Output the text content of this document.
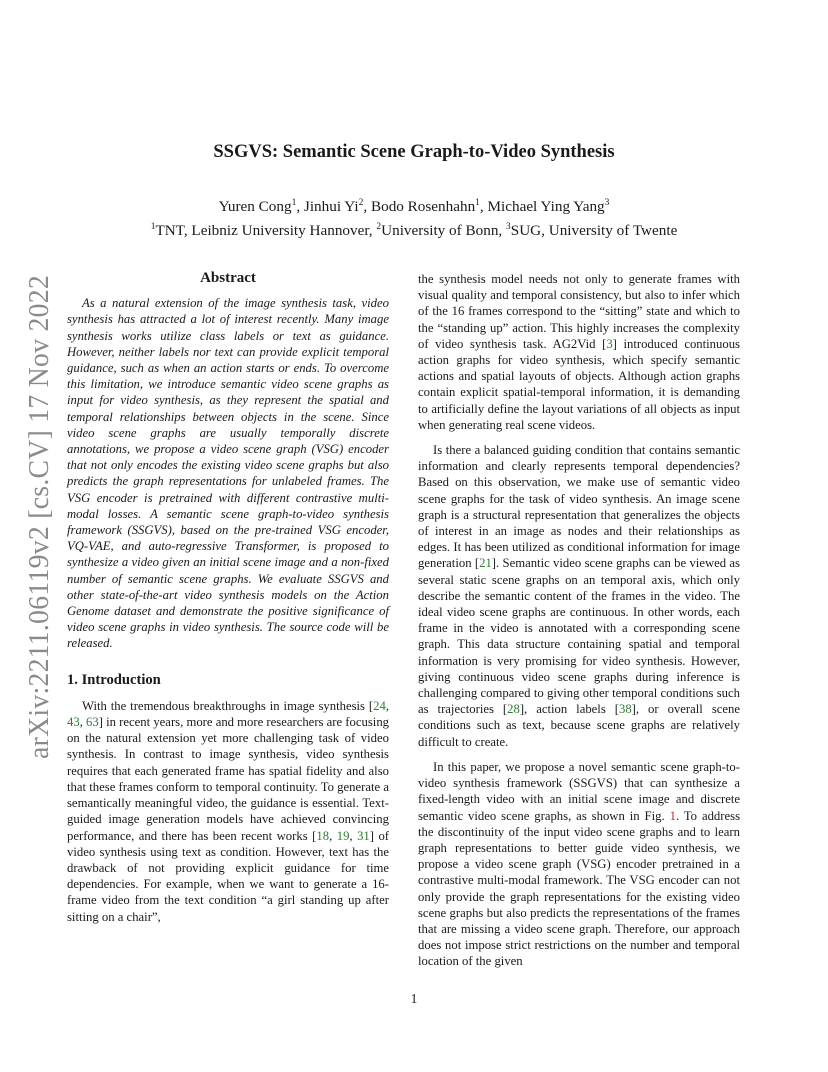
arXiv:2211.06119v2 [cs.CV] 17 Nov 2022
SSGVS: Semantic Scene Graph-to-Video Synthesis
Yuren Cong$^1$, Jinhui Yi$^2$, Bodo Rosenhahn$^1$, Michael Ying Yang$^3$
$^1$TNT, Leibniz University Hannover, $^2$University of Bonn, $^3$SUG, University of Twente
Abstract

As a natural extension of the image synthesis task, video synthesis has attracted a lot of interest recently. Many image synthesis works utilize class labels or text as guidance. However, neither labels nor text can provide explicit temporal guidance, such as when an action starts or ends. To overcome this limitation, we introduce semantic video scene graphs as input for video synthesis, as they represent the spatial and temporal relationships between objects in the scene. Since video scene graphs are usually temporally discrete annotations, we propose a video scene graph (VSG) encoder that not only encodes the existing video scene graphs but also predicts the graph representations for unlabeled frames. The VSG encoder is pretrained with different contrastive multi-modal losses. A semantic scene graph-to-video synthesis framework (SSGVS), based on the pre-trained VSG encoder, VQ-VAE, and auto-regressive Transformer, is proposed to synthesize a video given an initial scene image and a non-fixed number of semantic scene graphs. We evaluate SSGVS and other state-of-the-art video synthesis models on the Action Genome dataset and demonstrate the positive significance of video scene graphs in video synthesis. The source code will be released.

1. Introduction

With the tremendous breakthroughs in image synthesis [24, 43, 63] in recent years, more and more researchers are focusing on the natural extension yet more challenging task of video synthesis. In contrast to image synthesis, video synthesis requires that each generated frame has spatial fidelity and also that these frames conform to temporal continuity. To generate a semantically meaningful video, the guidance is essential. Text-guided image generation models have achieved convincing performance, and there has been recent works [18, 19, 31] of video synthesis using text as condition. However, text has the drawback of not providing explicit guidance for time dependencies. For example, when we want to generate a 16-frame video from the text condition “a girl standing up after sitting on a chair”,

the synthesis model needs not only to generate frames with visual quality and temporal consistency, but also to infer which of the 16 frames correspond to the “sitting” state and which to the “standing up” action. This highly increases the complexity of video synthesis task. AG2Vid [3] introduced continuous action graphs for video synthesis, which specify semantic actions and spatial layouts of objects. Although action graphs contain explicit spatial-temporal information, it is demanding to artificially define the layout variations of all objects as input when generating real scene videos.

Is there a balanced guiding condition that contains semantic information and clearly represents temporal dependencies? Based on this observation, we make use of semantic video scene graphs for the task of video synthesis. An image scene graph is a structural representation that generalizes the objects of interest in an image as nodes and their relationships as edges. It has been utilized as conditional information for image generation [21]. Semantic video scene graphs can be viewed as several static scene graphs on an temporal axis, which only describe the semantic content of the frames in the video. The ideal video scene graphs are continuous. In other words, each frame in the video is annotated with a corresponding scene graph. This data structure containing spatial and temporal information is very promising for video synthesis. However, giving continuous video scene graphs during inference is challenging compared to giving other temporal conditions such as trajectories [28], action labels [38], or overall scene conditions such as text, because scene graphs are relatively difficult to create.

In this paper, we propose a novel semantic scene graph-to-video synthesis framework (SSGVS) that can synthesize a fixed-length video with an initial scene image and discrete semantic video scene graphs, as shown in Fig. 1. To address the discontinuity of the input video scene graphs and to learn graph representations to better guide video synthesis, we propose a video scene graph (VSG) encoder pretrained in a contrastive multi-modal framework. The VSG encoder can not only provide the graph representations for the existing video scene graphs but also predicts the representations of the frames that are missing a video scene graph. Therefore, our approach does not impose strict restrictions on the number and temporal location of the given

1
